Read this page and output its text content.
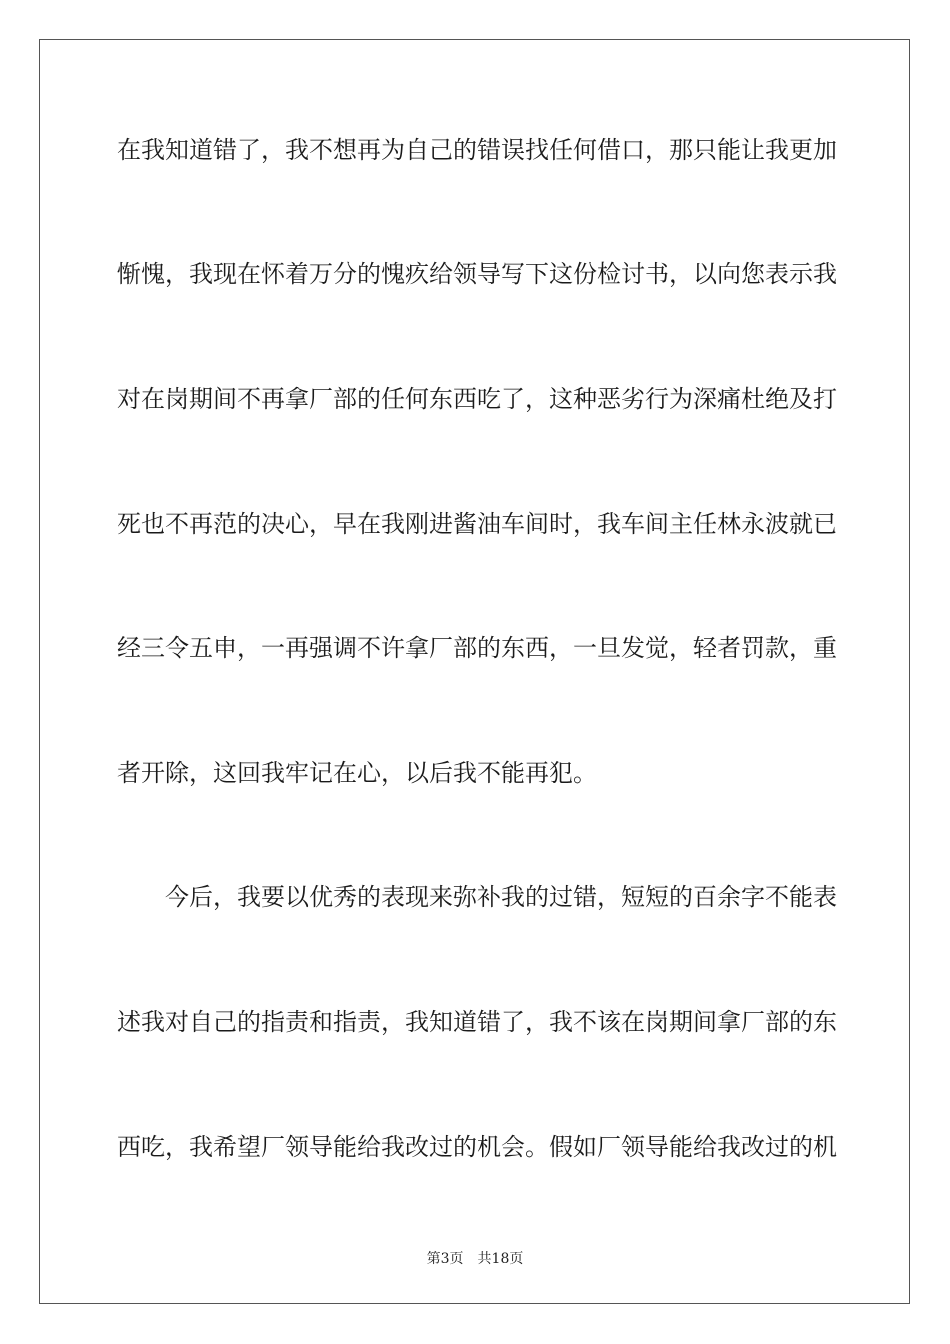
在我知道错了，我不想再为自己的错误找任何借口，那只能让我更加
惭愧，我现在怀着万分的愧疚给领导写下这份检讨书，以向您表示我
对在岗期间不再拿厂部的任何东西吃了，这种恶劣行为深痛杜绝及打
死也不再范的决心，早在我刚进酱油车间时，我车间主任林永波就已
经三令五申，一再强调不许拿厂部的东西，一旦发觉，轻者罚款，重
者开除，这回我牢记在心，以后我不能再犯。
今后，我要以优秀的表现来弥补我的过错，短短的百余字不能表
述我对自己的指责和指责，我知道错了，我不该在岗期间拿厂部的东
西吃，我希望厂领导能给我改过的机会。假如厂领导能给我改过的机
第3页 共18页
